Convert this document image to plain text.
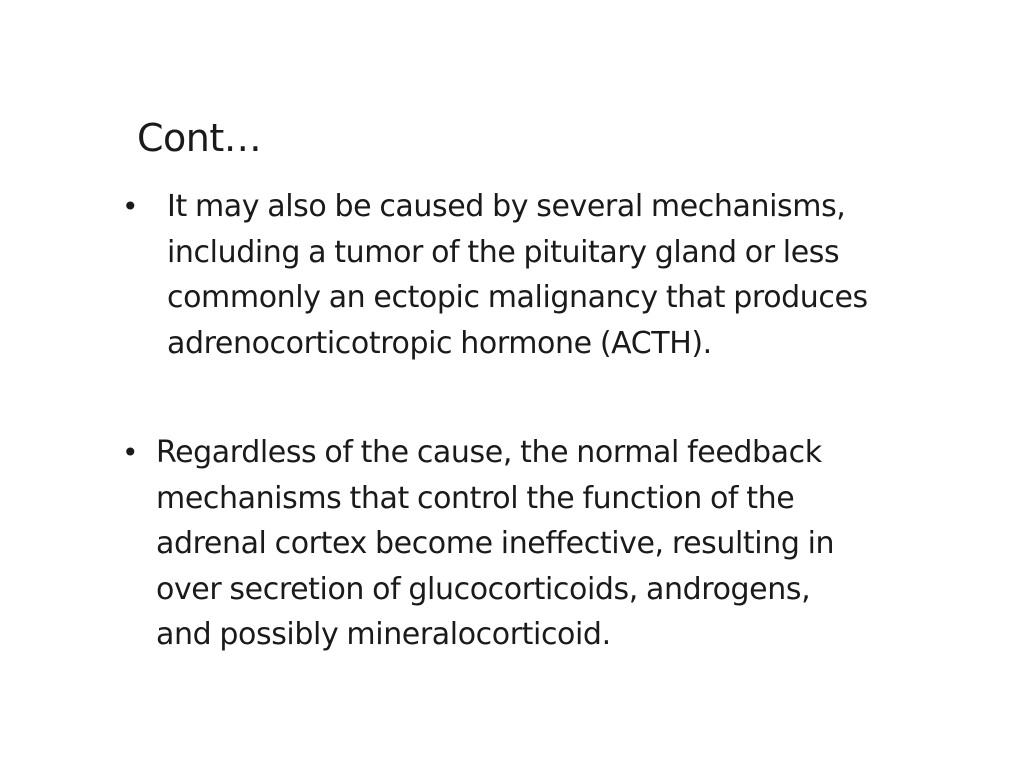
Cont…
• It may also be caused by several mechanisms,
including a tumor of the pituitary gland or less
commonly an ectopic malignancy that produces
adrenocorticotropic hormone (ACTH).
• Regardless of the cause, the normal feedback
mechanisms that control the function of the
adrenal cortex become ineffective, resulting in
over secretion of glucocorticoids, androgens,
and possibly mineralocorticoid.
